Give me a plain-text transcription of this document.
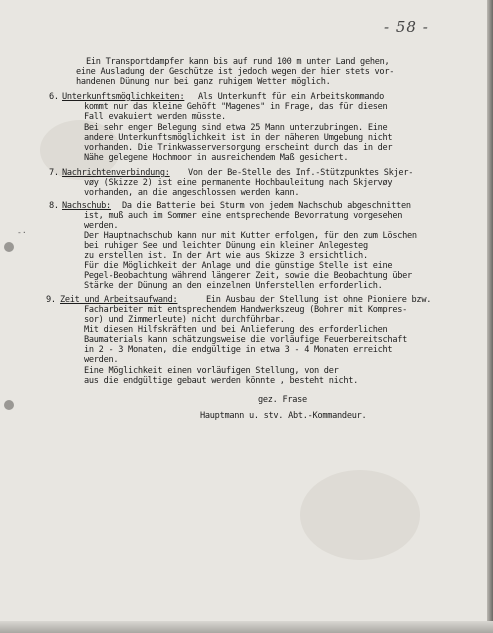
- 58 -
Ein Transportdampfer kann bis auf rund 100 m unter Land gehen,
eine Ausladung der Geschütze ist jedoch wegen der hier stets vor-
handenen Dünung nur bei ganz ruhigem Wetter möglich.
6. Unterkunftsmöglichkeiten: Als Unterkunft für ein Arbeitskommando
kommt nur das kleine Gehöft "Magenes" in Frage, das für diesen
Fall evakuiert werden müsste.
Bei sehr enger Belegung sind etwa 25 Mann unterzubringen. Eine
andere Unterkunftsmöglichkeit ist in der näheren Umgebung nicht
vorhanden. Die Trinkwasserversorgung erscheint durch das in der
Nähe gelegene Hochmoor in ausreichendem Maß gesichert.
7. Nachrichtenverbindung: Von der Be-Stelle des Inf.-Stützpunktes Skjer-
vøy (Skizze 2) ist eine permanente Hochbauleitung nach Skjervøy
vorhanden, an die angeschlossen werden kann.
8. Nachschub: Da die Batterie bei Sturm von jedem Nachschub abgeschnitten
ist, muß auch im Sommer eine entsprechende Bevorratung vorgesehen
werden.
Der Hauptnachschub kann nur mit Kutter erfolgen, für den zum Löschen
bei ruhiger See und leichter Dünung ein kleiner Anlegesteg
zu erstellen ist. In der Art wie aus Skizze 3 ersichtlich.
Für die Möglichkeit der Anlage und die günstige Stelle ist eine
Pegel-Beobachtung während längerer Zeit, sowie die Beobachtung über
Stärke der Dünung an den einzelnen Unferstellen erforderlich.
-·
9. Zeit und Arbeitsaufwand:	Ein Ausbau der Stellung ist ohne Pioniere bzw.
Facharbeiter mit entsprechendem Handwerkszeug (Bohrer mit Kompres-
sor) und Zimmerleute) nicht durchführbar.
Mit diesen Hilfskräften und bei Anlieferung des erforderlichen
Baumaterials kann schätzungsweise die vorläufige Feuerbereitschaft
in 2 - 3 Monaten, die endgültige in etwa 3 - 4 Monaten erreicht
werden.
Eine Möglichkeit einen vorläufigen Stellung, von der
aus die endgültige gebaut werden könnte , besteht nicht.
gez. Frase
Hauptmann u. stv. Abt.-Kommandeur.
